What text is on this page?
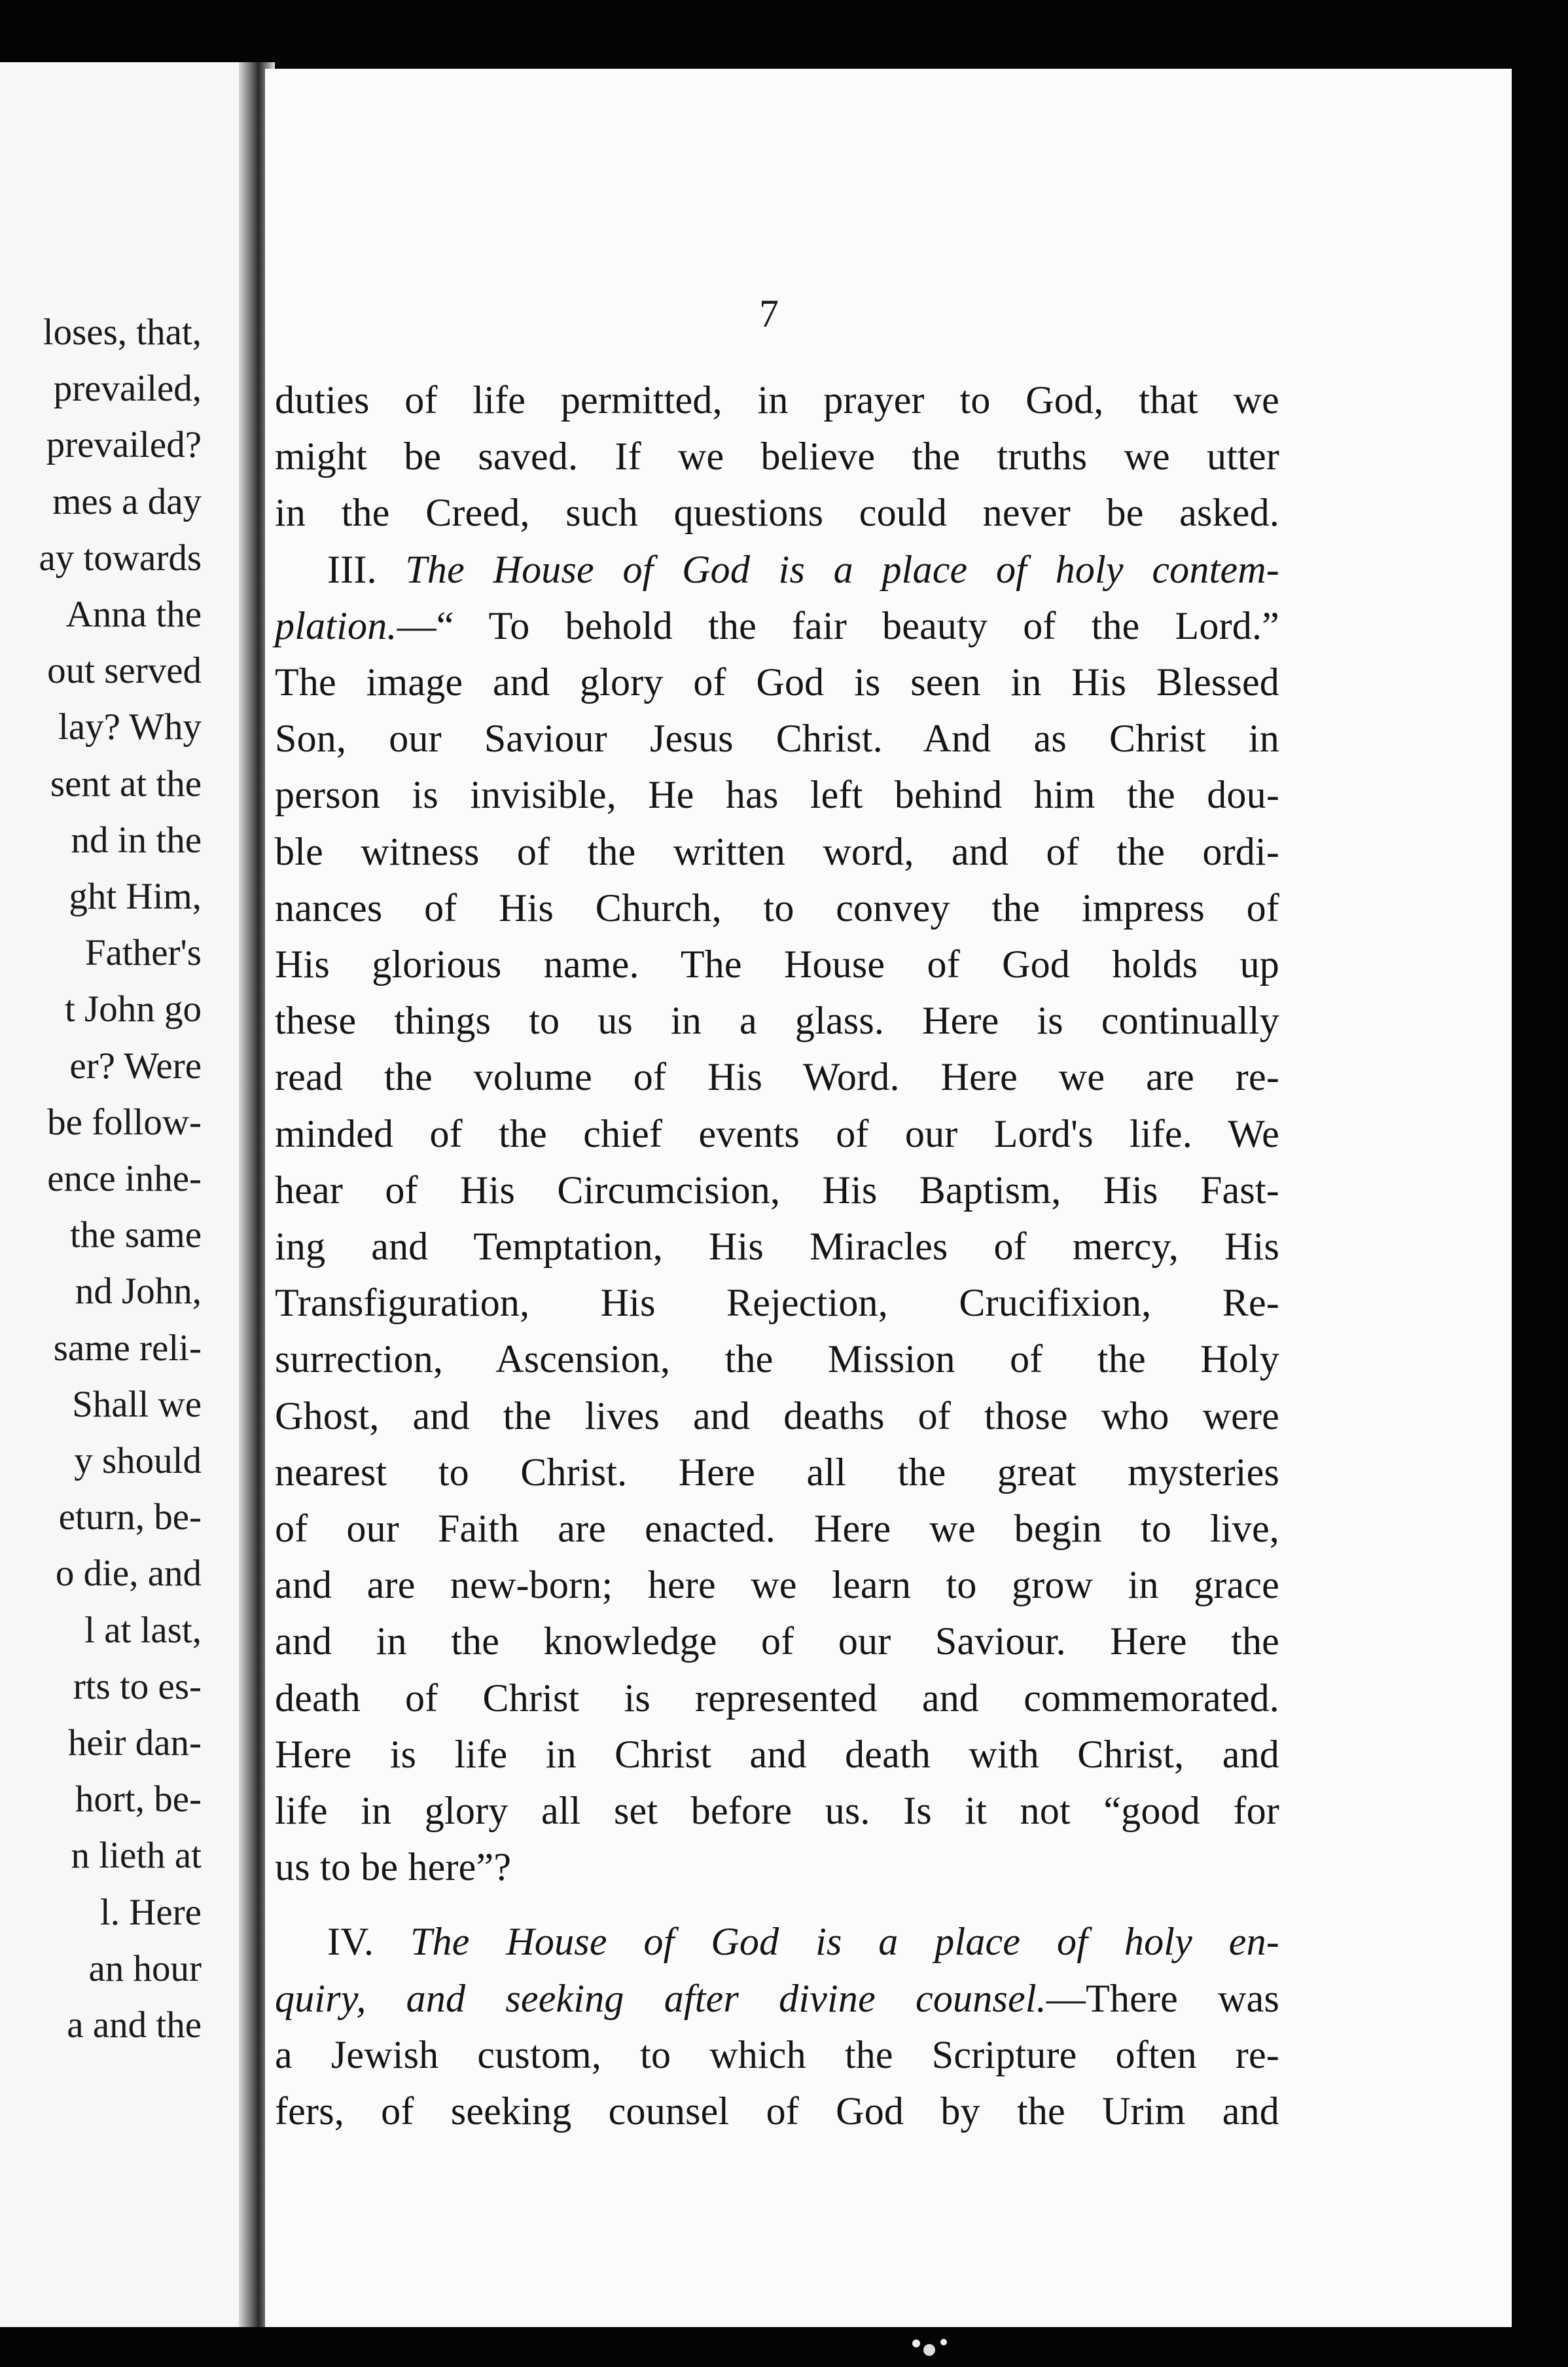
loses, that,
prevailed,
prevailed?
mes a day
ay towards
Anna the
out served
lay? Why
sent at the
nd in the
ght Him,
Father's
t John go
er? Were
be follow-
ence inhe-
the same
nd John,
same reli-
Shall we
y should
eturn, be-
o die, and
l at last,
rts to es-
heir dan-
hort, be-
n lieth at
l. Here
an hour
a and the
7
duties of life permitted, in prayer to God, that we
might be saved. If we believe the truths we utter
in the Creed, such questions could never be asked.
III. The House of God is a place of holy contem-
plation.—“ To behold the fair beauty of the Lord.”
The image and glory of God is seen in His Blessed
Son, our Saviour Jesus Christ. And as Christ in
person is invisible, He has left behind him the dou-
ble witness of the written word, and of the ordi-
nances of His Church, to convey the impress of
His glorious name. The House of God holds up
these things to us in a glass. Here is continually
read the volume of His Word. Here we are re-
minded of the chief events of our Lord's life. We
hear of His Circumcision, His Baptism, His Fast-
ing and Temptation, His Miracles of mercy, His
Transfiguration, His Rejection, Crucifixion, Re-
surrection, Ascension, the Mission of the Holy
Ghost, and the lives and deaths of those who were
nearest to Christ. Here all the great mysteries
of our Faith are enacted. Here we begin to live,
and are new-born; here we learn to grow in grace
and in the knowledge of our Saviour. Here the
death of Christ is represented and commemorated.
Here is life in Christ and death with Christ, and
life in glory all set before us. Is it not “good for
us to be here”?
IV. The House of God is a place of holy en-
quiry, and seeking after divine counsel.—There was
a Jewish custom, to which the Scripture often re-
fers, of seeking counsel of God by the Urim and
